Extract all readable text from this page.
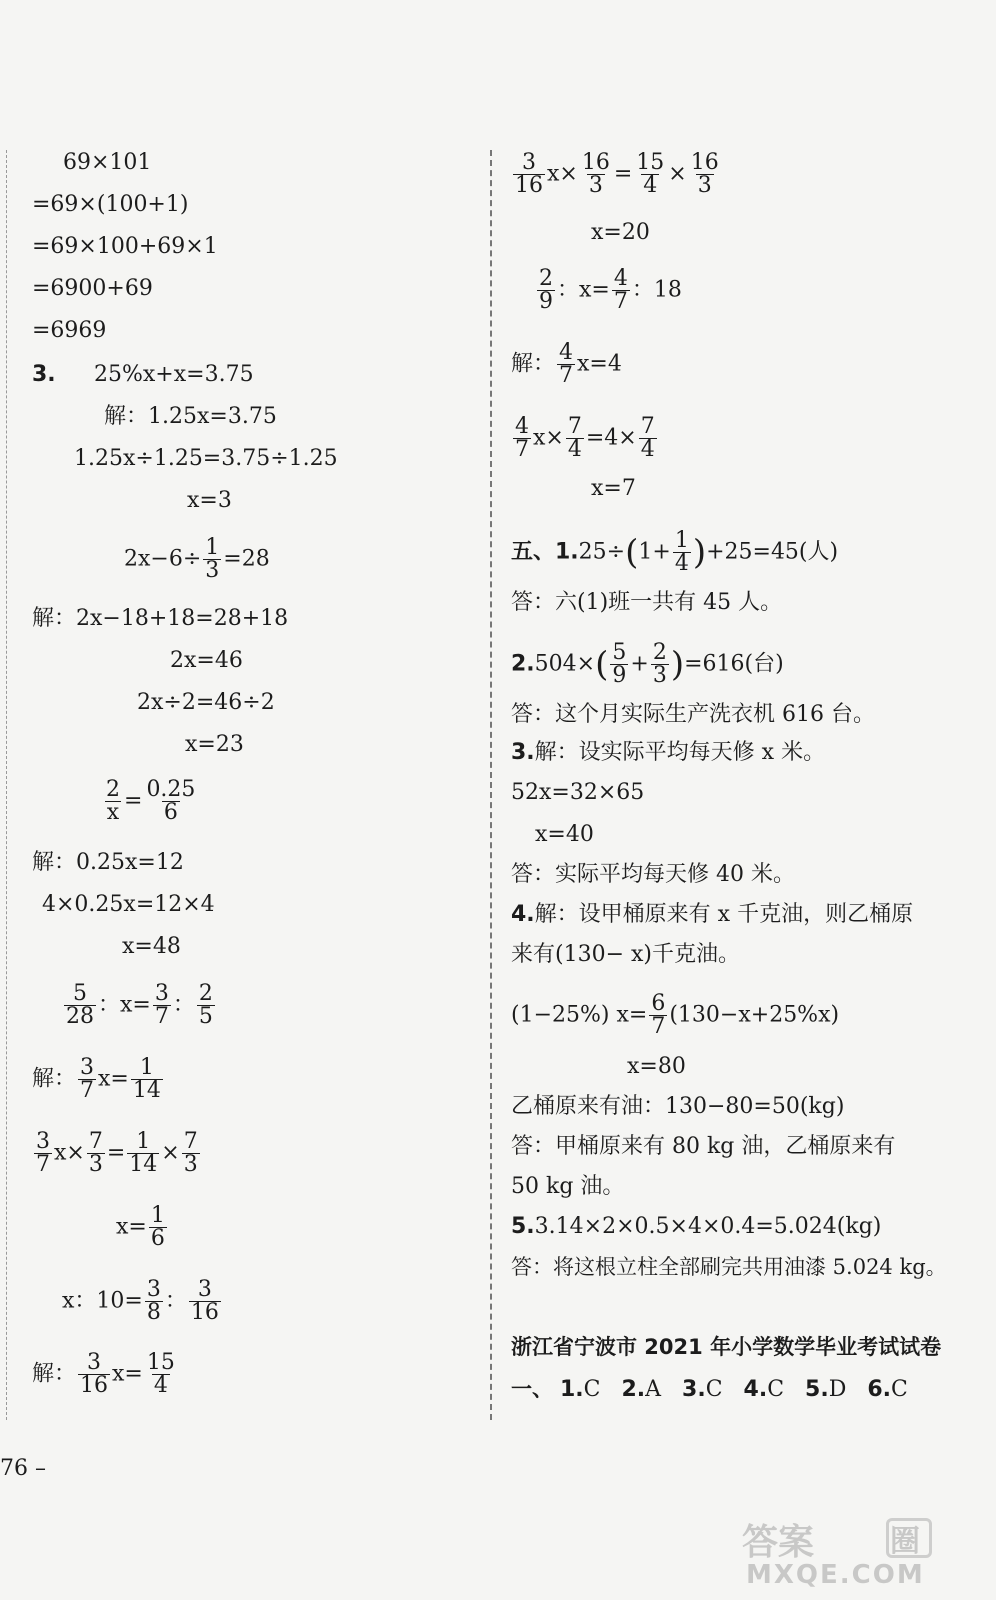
69×101
=69×(100+1)
=69×100+69×1
=6900+69
=6969
3. 25%x+x=3.75
解：1.25x=3.75
1.25x÷1.25=3.75÷1.25
x=3
$2x-6\div \frac{1}{3} =28$
解：2x−18+18=28+18
2x=46
2x÷2=46÷2
x=23
$\frac{2}{x} = \frac{0.25}{6}$
解：0.25x=12
4×0.25x=12×4
x=48
$\frac{5}{28}$ ：$x= \frac{3}{7}$ ： $\frac{2}{5}$
解： $\frac{3}{7} x= \frac{1}{14}$
$\frac{3}{7} x\times \frac{7}{3} = \frac{1}{14} \times \frac{7}{3}$
$x= \frac{1}{6}$
x：$10= \frac{3}{8}$ ： $\frac{3}{16}$
解： $\frac{3}{16} x= \frac{15}{4}$
$\frac{3}{16} x\times \frac{16}{3} = \frac{15}{4} \times \frac{16}{3}$
x=20
$\frac{2}{9}$ ：$x= \frac{4}{7}$ ：18
解： $\frac{4}{7} x=4$
$\frac{4}{7} x\times \frac{7}{4} =4\times \frac{7}{4}$
x=7
五、$1.25\div(1+ \frac{1}{4} )+25=45$(人)
答：六(1)班一共有 45 人。
$2.504\times( \frac{5}{9} + \frac{2}{3} )=616$(台)
答：这个月实际生产洗衣机 616 台。
3.解：设实际平均每天修 x 米。
52x=32×65
x=40
答：实际平均每天修 40 米。
4.解：设甲桶原来有 x 千克油，则乙桶原
来有(130− x)千克油。
(1−25%) $x= \frac{6}{7} (130-x+25\%x)$
x=80
乙桶原来有油：130−80=50(kg)
答：甲桶原来有 80 kg 油，乙桶原来有
50 kg 油。
5.3.14×2×0.5×4×0.4=5.024(kg)
答：将这根立柱全部刷完共用油漆 5.024 kg。
浙江省宁波市 2021 年小学数学毕业考试试卷
一、 1.C 2.A 3.C 4.C 5.D 6.C
76 –
答案	圈
MXQE.COM
